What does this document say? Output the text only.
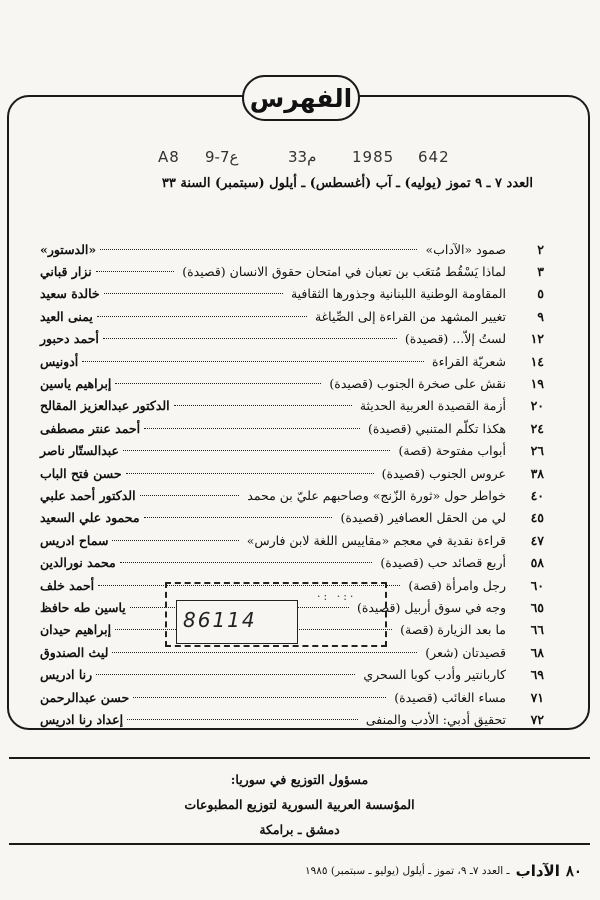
الفهرس
A8 9-7ع	33م 1985 642
العدد ٧ ـ ٩ تموز (يوليه) ـ آب (أغسطس) ـ أيلول (سبتمبر) السنة ٣٣
٢
صمود «الآداب»
«الدستور»
٣
لماذا يَسْقُط مُتعَب بن تعبان في امتحان حقوق الانسان (قصيدة)
نزار قباني
٥
المقاومة الوطنية اللبنانية وجذورها الثقافية
خالدة سعيد
٩
تغيير المشهد من القراءة إلى الصِّياغة
يمنى العيد
١٢
لستُ إلاّ... (قصيدة)
أحمد دحبور
١٤
شعريّة القراءة
أدونيس
١٩
نقش على صخرة الجنوب (قصيدة)
إبراهيم ياسين
٢٠
أزمة القصيدة العربية الحديثة
الدكتور عبدالعزيز المقالح
٢٤
هكذا تكلّم المتنبي (قصيدة)
أحمد عنتر مصطفى
٢٦
أبواب مفتوحة (قصة)
عبدالستّار ناصر
٣٨
عروس الجنوب (قصيدة)
حسن فتح الباب
٤٠
خواطر حول «ثورة الزّنج» وصاحبهم عليّ بن محمد
الدكتور أحمد علبي
٤٥
لي من الحقل العصافير (قصيدة)
محمود علي السعيد
٤٧
قراءة نقدية في معجم «مقاييس اللغة لابن فارس»
سماح ادريس
٥٨
أربع قصائد حب (قصيدة)
محمد نورالدين
٦٠
رجل وامرأة (قصة)
أحمد خلف
٦٥
وجه في سوق أربيل (قصيدة)
ياسين طه حافظ
٦٦
ما بعد الزيارة (قصة)
إبراهيم حيدان
٦٨
قصيدتان (شعر)
ليث الصندوق
٦٩
كاربانتير وأدب كوبا السحري
رنا ادريس
٧١
مساء الغائب (قصيدة)
حسن عبدالرحمن
٧٢
تحقيق أدبي: الأدب والمنفى
إعداد رنا ادريس
86114
·: ·:·
مسؤول التوزيع في سوريا:
المؤسسة العربية السورية لتوزيع المطبوعات
دمشق ـ برامكة
٨٠
الآداب
ـ العدد ٧ـ ٩، تموز ـ أيلول (يوليو ـ سبتمبر) ١٩٨٥
